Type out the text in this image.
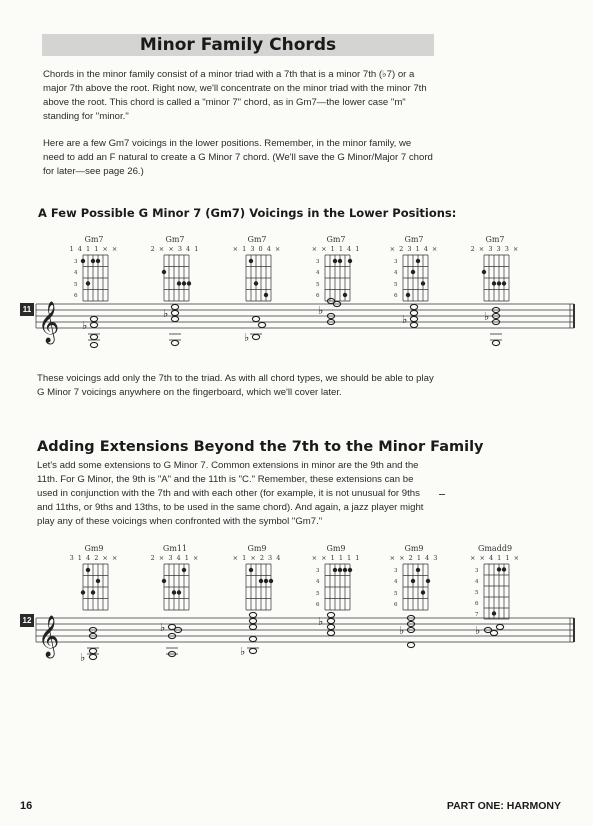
Minor Family Chords

Chords in the minor family consist of a minor triad with a 7th that is a minor 7th (♭7) or a major 7th above the root. Right now, we'll concentrate on the minor triad with the minor 7th above the root. This chord is called a "minor 7" chord, as in Gm7—the lower case "m" standing for "minor."

Here are a few Gm7 voicings in the lower positions. Remember, in the minor family, we need to add an F natural to create a G Minor 7 chord. (We'll save the G Minor/Major 7 chord for later—see page 26.)

A Few Possible G Minor 7 (Gm7) Voicings in the Lower Positions:
Gm7
1 4 1 1 × ×
3
4
5
6
Gm7
2 × × 3 4 1
Gm7
× 1 3 0 4 ×
Gm7
× × 1 1 4 1
3
4
5
6
Gm7
× 2 3 1 4 ×
3
4
5
6
Gm7
2 × 3 3 3 ×
11 𝄞 ♭
♭
♭
♭
♭	♭

These voicings add only the 7th to the triad. As with all chord types, we should be able to play G Minor 7 voicings anywhere on the fingerboard, which we'll cover later.

Adding Extensions Beyond the 7th to the Minor Family

Let's add some extensions to G Minor 7. Common extensions in minor are the 9th and the 11th. For G Minor, the 9th is "A" and the 11th is "C." Remember, these extensions can be used in conjunction with the 7th and with each other (for example, it is not unusual for 9ths and 11ths, or 9ths and 13ths, to be used in the same chord). And again, a jazz player might play any of these voicings when confronted with the symbol "Gm7."

Gm9
3 1 4 2 × ×
Gm11
2 × 3 4 1 ×
Gm9
× 1 × 2 3 4
Gm9
× × 1 1 1 1
3
4
5
6
Gm9
× × 2 1 4 3
3
4
5
6
Gmadd9
× × 4 1 1 ×
3
4
5
6
7
12 𝄞
♭
♭
♭
♭
♭	♭
16	PART ONE: HARMONY
